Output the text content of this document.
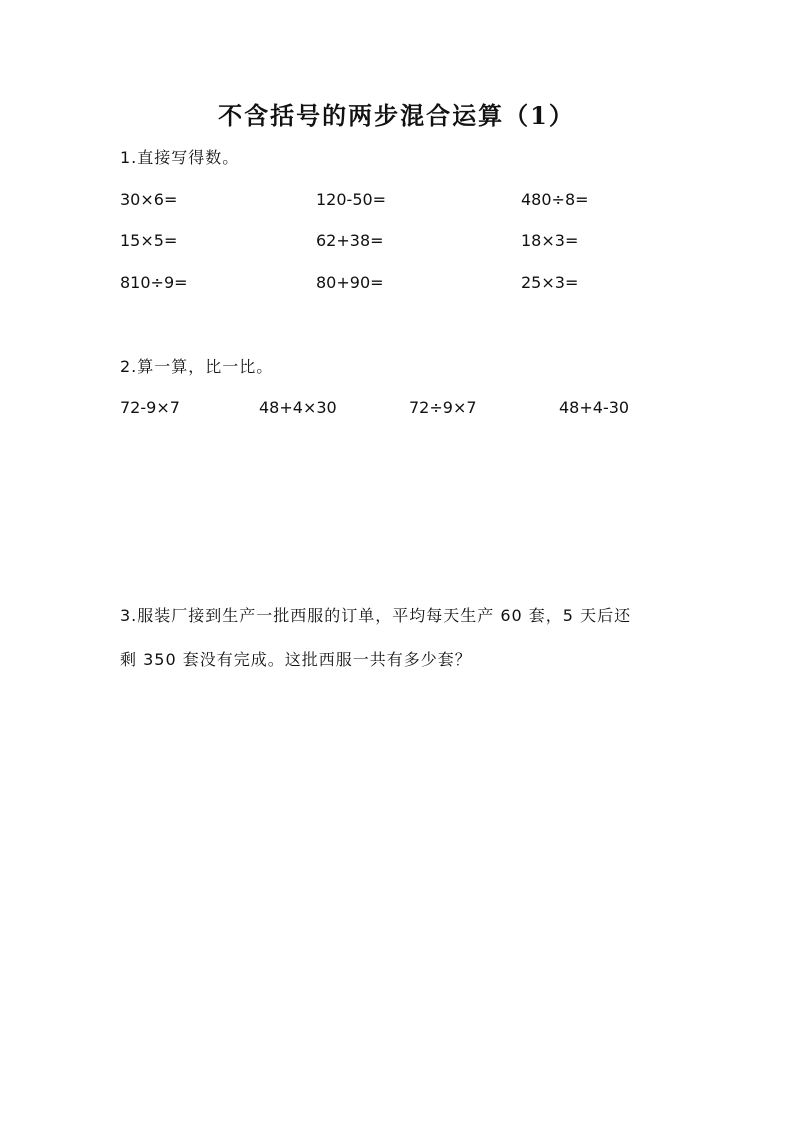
不含括号的两步混合运算（1）
1.直接写得数。
30×6=	120-50=	480÷8=
15×5=	62+38=	18×3=
810÷9=	80+90=	25×3=
2.算一算，比一比。
72-9×7	48+4×30	72÷9×7	48+4-30
3.服装厂接到生产一批西服的订单，平均每天生产 60 套，5 天后还
剩 350 套没有完成。这批西服一共有多少套？
